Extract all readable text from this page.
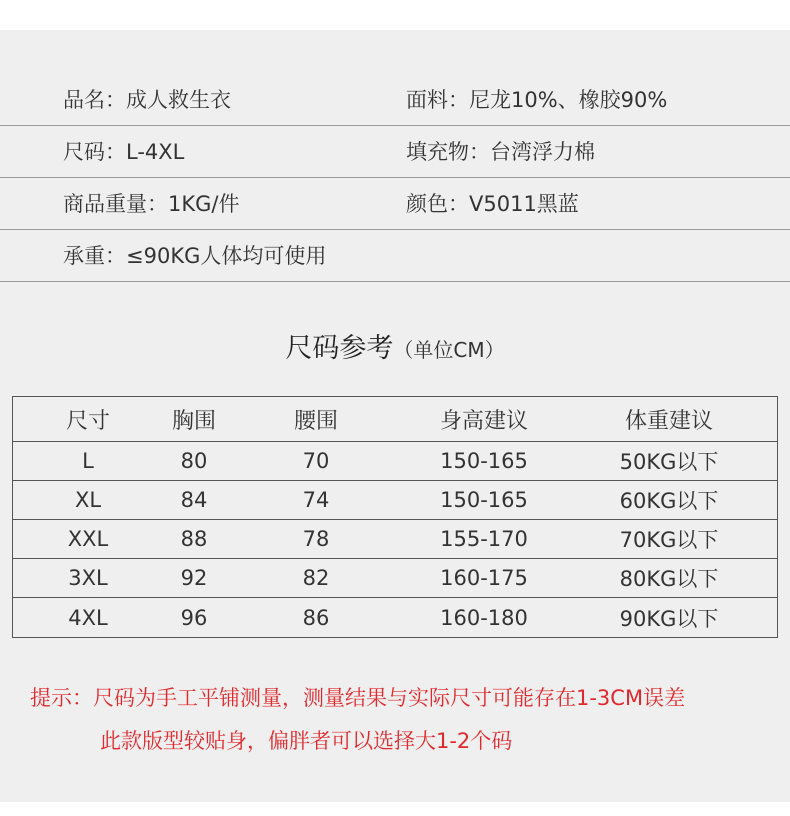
品名：成人救生衣	面料：尼龙10%、橡胶90%
尺码：L-4XL	填充物：台湾浮力棉
商品重量：1KG/件	颜色：V5011黑蓝
承重：≤90KG人体均可使用
尺码参考（单位CM）
尺寸	胸围	腰围	身高建议	体重建议
L	80	70	150-165	50KG以下
XL	84	74	150-165	60KG以下
XXL	88	78	155-170	70KG以下
3XL	92	82	160-175	80KG以下
4XL	96	86	160-180	90KG以下
提示：尺码为手工平铺测量，测量结果与实际尺寸可能存在1-3CM误差
此款版型较贴身，偏胖者可以选择大1-2个码
